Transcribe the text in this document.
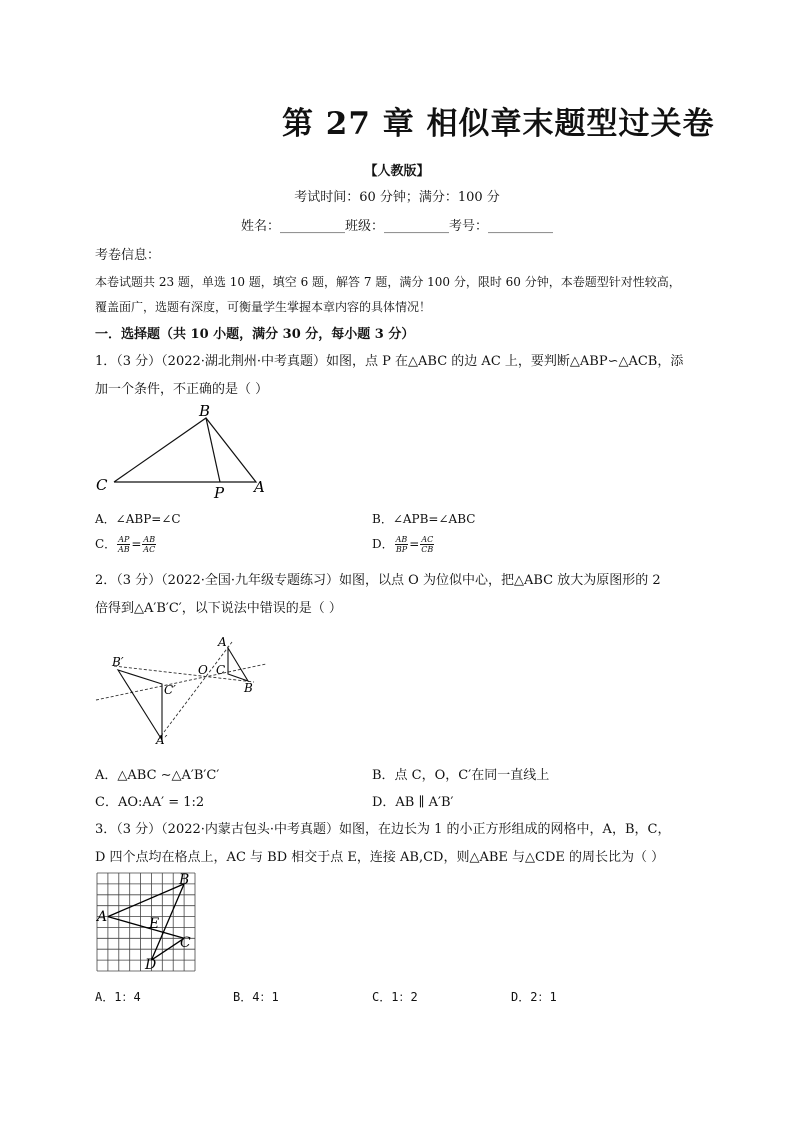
第 27 章 相似章末题型过关卷
【人教版】
考试时间：60 分钟；满分：100 分
姓名：__________班级：__________考号：__________
考卷信息：
本卷试题共 23 题，单选 10 题，填空 6 题，解答 7 题，满分 100 分，限时 60 分钟，本卷题型针对性较高，
覆盖面广，选题有深度，可衡量学生掌握本章内容的具体情况！
一．选择题（共 10 小题，满分 30 分，每小题 3 分）
1．（3 分）（2022·湖北荆州·中考真题）如图，点 P 在△ABC 的边 AC 上，要判断△ABP∽△ACB，添
加一个条件，不正确的是（ ）
B
C	P A
A．∠ABP=∠C	B．∠APB=∠ABC
C． $\frac{AP}{AB} = \frac{AB}{AC}$	D． $\frac{AB}{BP} = \frac{AC}{CB}$
2．（3 分）（2022·全国·九年级专题练习）如图，以点 O 为位似中心，把△ABC 放大为原图形的 2
倍得到△A′B′C′，以下说法中错误的是（ ）
B′
C′
A′
O C
A
B
A．△ABC ∼△A′B′C′	B．点 C，O，C′在同一直线上
C．AO:AA′ = 1:2	D．AB ∥ A′B′
3．（3 分）（2022·内蒙古包头·中考真题）如图，在边长为 1 的小正方形组成的网格中，A，B，C，
D 四个点均在格点上，AC 与 BD 相交于点 E，连接 AB,CD，则△ABE 与△CDE 的周长比为（ ）
B
A	E
C
D
A．1：4	B．4：1	C．1：2	D．2：1
